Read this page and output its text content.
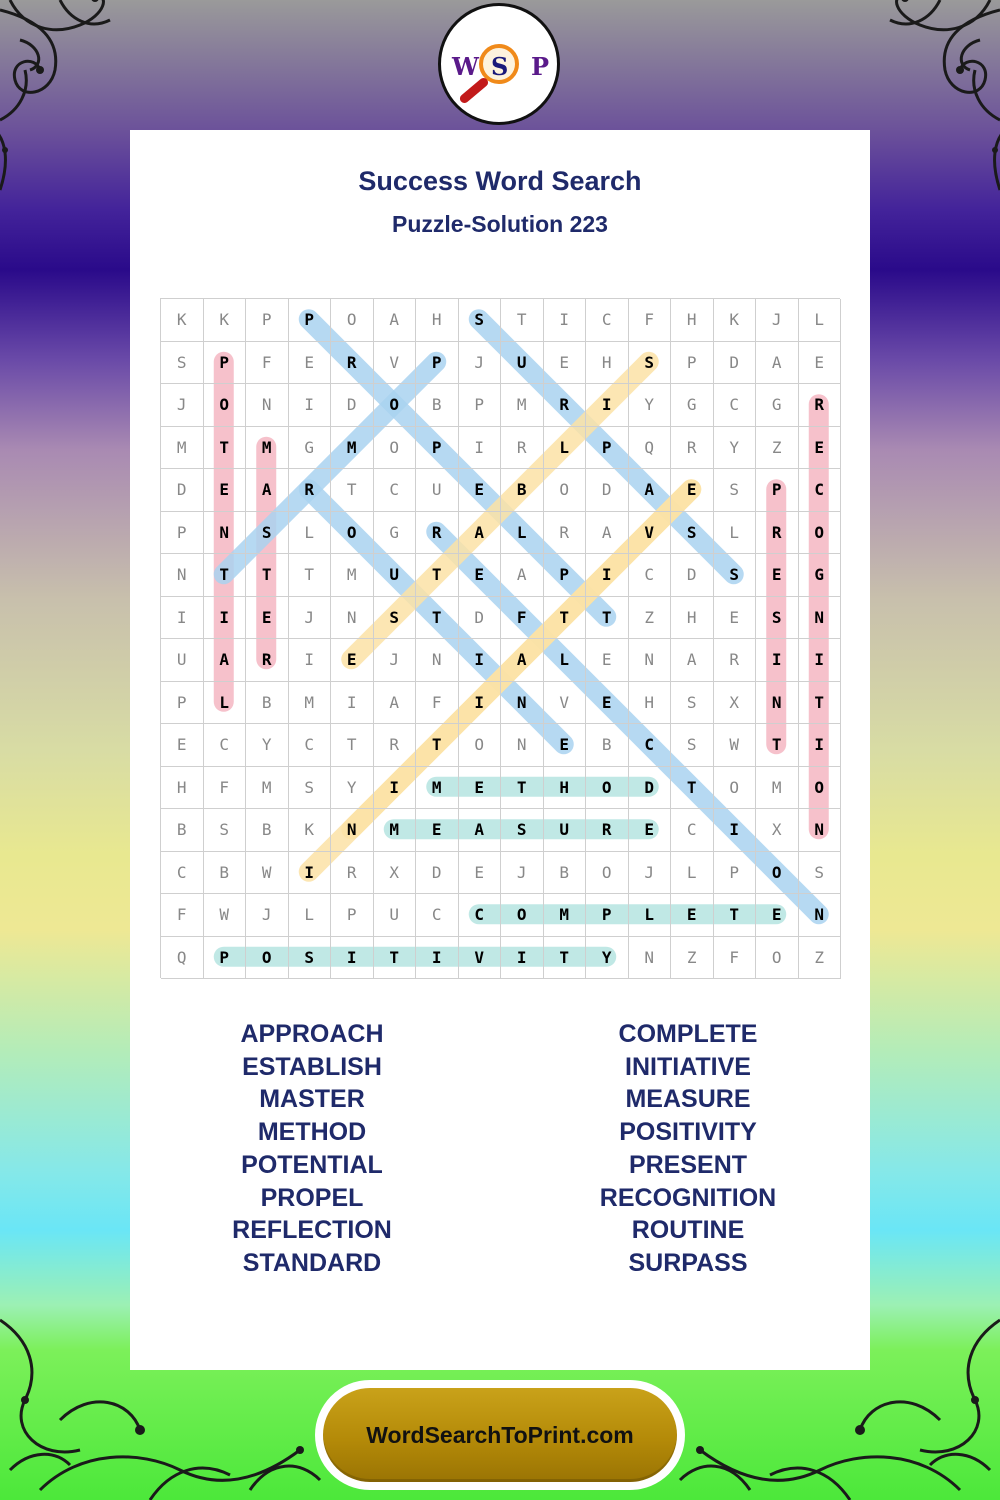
W S P
Success Word Search
Puzzle-Solution 223
K	K	P	P	O	A	H	S	T	I	C	F	H	K	J	L
S	P	F	E	R	V	P	J	U	E	H	S	P	D	A	E
J	O	N	I	D	O	B	P	M	R	I	Y	G	C	G	R
M	T	M	G	M	O	P	I	R	L	P	Q	R	Y	Z	E
D	E	A	R	T	C	U	E	B	O	D	A	E	S	P	C
P	N	S	L	O	G	R	A	L	R	A	V	S	L	R	O
N	T	T	T	M	U	T	E	A	P	I	C	D	S	E	G
I	I	E	J	N	S	T	D	F	T	T	Z	H	E	S	N
U	A	R	I	E	J	N	I	A	L	E	N	A	R	I	I
P	L	B	M	I	A	F	I	N	V	E	H	S	X	N	T
E	C	Y	C	T	R	T	O	N	E	B	C	S	W	T	I
H	F	M	S	Y	I	M	E	T	H	O	D	T	O	M	O
B	S	B	K	N	M	E	A	S	U	R	E	C	I	X	N
C	B	W	I	R	X	D	E	J	B	O	J	L	P	O	S
F	W	J	L	P	U	C	C	O	M	P	L	E	T	E	N
Q	P	O	S	I	T	I	V	I	T	Y	N	Z	F	O	Z
APPROACH
ESTABLISH
MASTER
METHOD
POTENTIAL
PROPEL
REFLECTION
STANDARD
COMPLETE
INITIATIVE
MEASURE
POSITIVITY
PRESENT
RECOGNITION
ROUTINE
SURPASS
WordSearchToPrint.com
